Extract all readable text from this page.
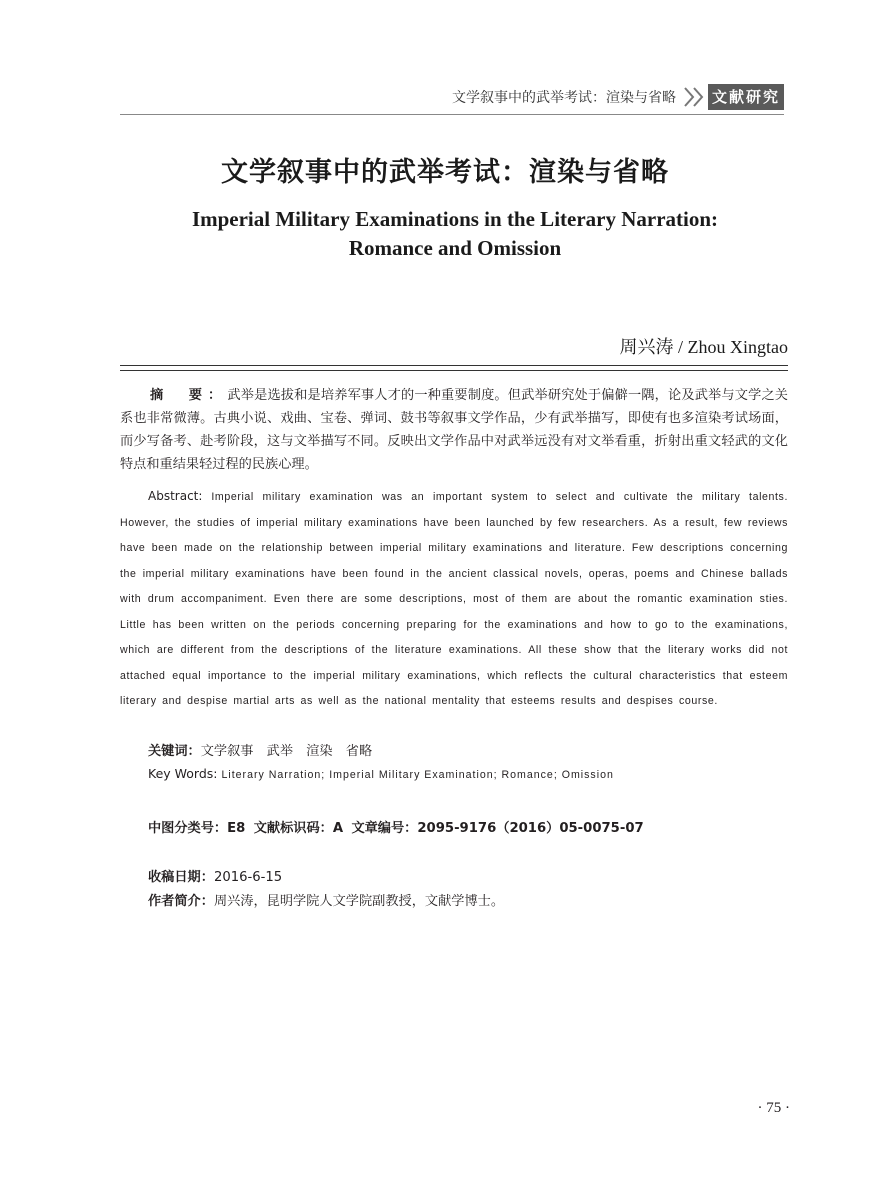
文学叙事中的武举考试：渲染与省略 文献研究
文学叙事中的武举考试：渲染与省略
Imperial Military Examinations in the Literary Narration:
Romance and Omission
周兴涛 / Zhou Xingtao

摘　要：武举是选拔和是培养军事人才的一种重要制度。但武举研究处于偏僻一隅，论及武举与文学之关系也非常微薄。古典小说、戏曲、宝卷、弹词、鼓书等叙事文学作品，少有武举描写，即使有也多渲染考试场面，而少写备考、赴考阶段，这与文举描写不同。反映出文学作品中对武举远没有对文举看重，折射出重文轻武的文化特点和重结果轻过程的民族心理。

Abstract: Imperial military examination was an important system to select and cultivate the military talents. However, the studies of imperial military examinations have been launched by few researchers. As a result, few reviews have been made on the relationship between imperial military examinations and literature. Few descriptions concerning the imperial military examinations have been found in the ancient classical novels, operas, poems and Chinese ballads with drum accompaniment. Even there are some descriptions, most of them are about the romantic examination sties. Little has been written on the periods concerning preparing for the examinations and how to go to the examinations, which are different from the descriptions of the literature examinations. All these show that the literary works did not attached equal importance to the imperial military examinations, which reflects the cultural characteristics that esteem literary and despise martial arts as well as the national mentality that esteems results and despises course.

关键词：文学叙事　武举　渲染　省略
Key Words: Literary Narration; Imperial Military Examination; Romance; Omission
中图分类号：E8 文献标识码：A 文章编号：2095-9176（2016）05-0075-07
收稿日期：2016-6-15
作者简介：周兴涛，昆明学院人文学院副教授，文献学博士。
· 75 ·
